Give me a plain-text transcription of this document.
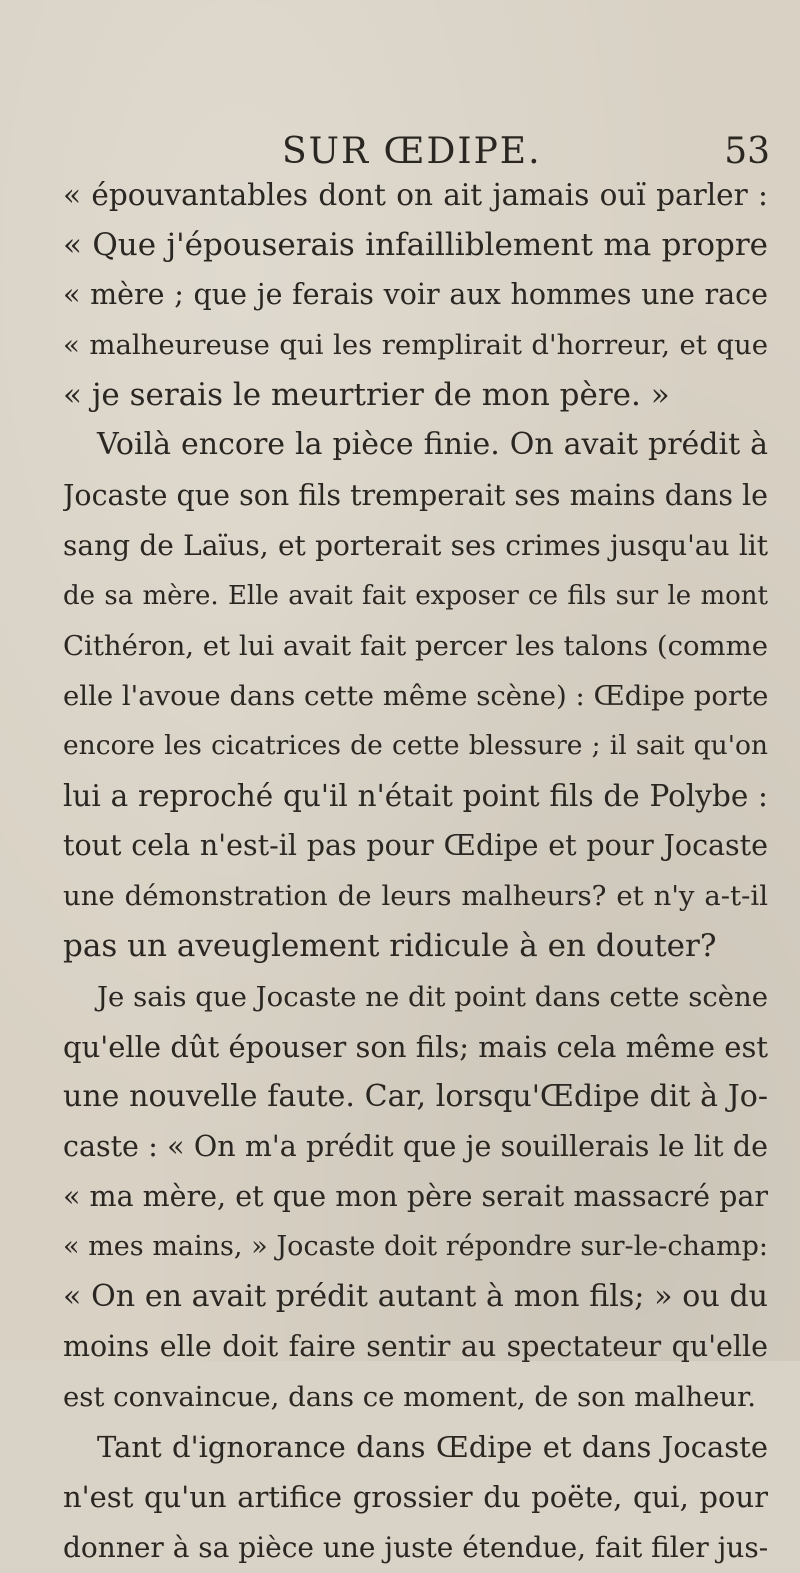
SUR ŒDIPE.	53
« épouvantables dont on ait jamais ouï parler :
« Que j'épouserais infailliblement ma propre
« mère ; que je ferais voir aux hommes une race
« malheureuse qui les remplirait d'horreur, et que
« je serais le meurtrier de mon père. »
Voilà encore la pièce finie. On avait prédit à
Jocaste que son fils tremperait ses mains dans le
sang de Laïus, et porterait ses crimes jusqu'au lit
de sa mère. Elle avait fait exposer ce fils sur le mont
Cithéron, et lui avait fait percer les talons (comme
elle l'avoue dans cette même scène) : Œdipe porte
encore les cicatrices de cette blessure ; il sait qu'on
lui a reproché qu'il n'était point fils de Polybe :
tout cela n'est-il pas pour Œdipe et pour Jocaste
une démonstration de leurs malheurs? et n'y a-t-il
pas un aveuglement ridicule à en douter?
Je sais que Jocaste ne dit point dans cette scène
qu'elle dût épouser son fils; mais cela même est
une nouvelle faute. Car, lorsqu'Œdipe dit à Jo-
caste : « On m'a prédit que je souillerais le lit de
« ma mère, et que mon père serait massacré par
« mes mains, » Jocaste doit répondre sur-le-champ:
« On en avait prédit autant à mon fils; » ou du
moins elle doit faire sentir au spectateur qu'elle
est convaincue, dans ce moment, de son malheur.
Tant d'ignorance dans Œdipe et dans Jocaste
n'est qu'un artifice grossier du poëte, qui, pour
donner à sa pièce une juste étendue, fait filer jus-
